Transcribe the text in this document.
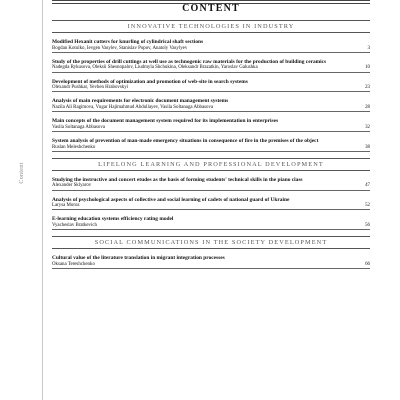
Content
CONTENT
INNOVATIVE TECHNOLOGIES IN INDUSTRY
Modified Hexanit cutters for knurling of cylindrical shaft sections
Bogdan Kotulko, Ievgen Vasylev, Stanislav Popov, Anatoly Vasylyev	3
Study of the properties of drill cuttings at well use as technogenic raw materials for the production of building ceramics
Nadegda Rykusova, Oleksii Shesnopalov, Liudmyla Shchukina, Oleksandr Brazatkin, Yaroslav Galushka	10
Development of methods of optimization and promotion of web-site in search systems
Olexandr Pushkar, Yevhen Hrabovskyi	23
Analysis of main requirements for electronic document management systems
Nazila Ali Ragimova, Vugar Hajimahmud Abdullayev, Vasila Soltanaga Abbasova	28
Main concepts of the document management system required for its implementation in enterprises
Vasila Soltanaga Abbasova	32
System analysis of prevention of man-made emergency situations in consequence of fire in the premises of the object
Ruslan Meleshchenko	38
LIFELONG LEARNING AND PROFESSIONAL DEVELOPMENT
Studying the instructive and concert etudes as the basis of forming students' technical skills in the piano class
Alexander Sklyarov	47
Analysis of psychological aspects of collective and social learning of cadets of national guard of Ukraine
Larysa Moroz	52
E-learning education systems efficiency rating model
Vyacheslav Bratkevich	56
SOCIAL COMMUNICATIONS IN THE SOCIETY DEVELOPMENT
Cultural value of the literature translation in migrant integration processes
Oksana Tereshchenko	66
